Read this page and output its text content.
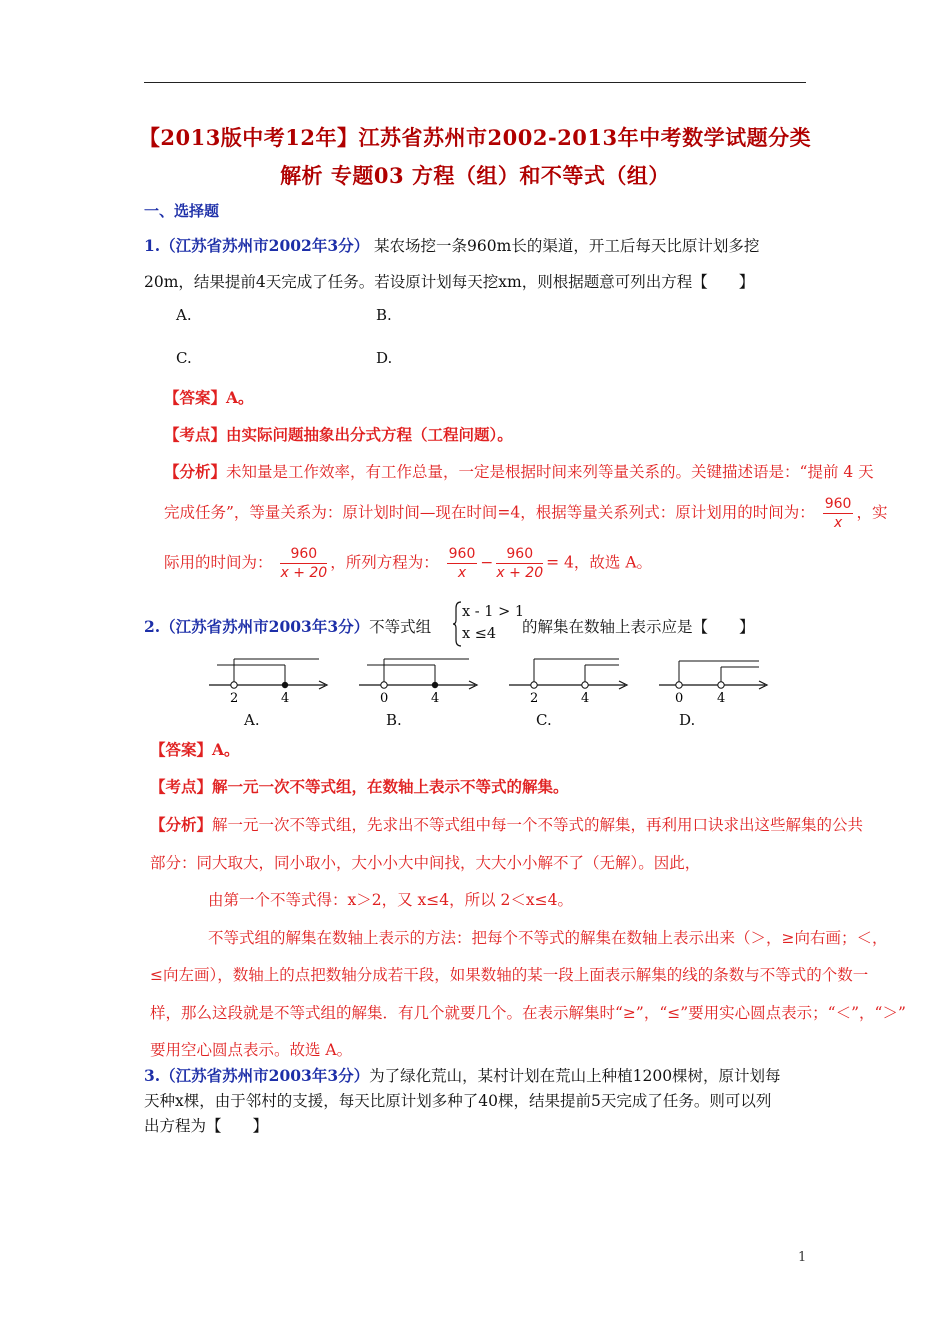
【2013版中考12年】江苏省苏州市2002-2013年中考数学试题分类
解析 专题03 方程（组）和不等式（组）
一、选择题
1.（江苏省苏州市2002年3分） 某农场挖一条960m长的渠道，开工后每天比原计划多挖
20m，结果提前4天完成了任务。若设原计划每天挖xm，则根据题意可列出方程【　　】
A.	B.
C.	D.
【答案】A。
【考点】由实际问题抽象出分式方程（工程问题）。
【分析】未知量是工作效率，有工作总量，一定是根据时间来列等量关系的。关键描述语是：“提前 4 天
完成任务”，等量关系为：原计划时间—现在时间=4，根据等量关系列式：原计划用的时间为： $\frac{960}{x}$ ，实
际用的时间为： $\frac{960}{x + 20}$ ，所列方程为： $\frac{960}{x} - \frac{960}{x + 20} = 4$，故选 A。
2.（江苏省苏州市2003年3分）不等式组
x - 1 > 1
x ≤4	的解集在数轴上表示应是【　　】
2	4	0	4	2	4	0	4
A.	B.	C.	D.
【答案】A。
【考点】解一元一次不等式组，在数轴上表示不等式的解集。
【分析】解一元一次不等式组，先求出不等式组中每一个不等式的解集，再利用口诀求出这些解集的公共
部分：同大取大，同小取小，大小小大中间找，大大小小解不了（无解）。因此，
由第一个不等式得：x＞2，又 x≤4，所以 2＜x≤4。
不等式组的解集在数轴上表示的方法：把每个不等式的解集在数轴上表示出来（＞，≥向右画；＜，
≤向左画），数轴上的点把数轴分成若干段，如果数轴的某一段上面表示解集的线的条数与不等式的个数一
样，那么这段就是不等式组的解集．有几个就要几个。在表示解集时“≥”，“≤”要用实心圆点表示；“＜”，“＞”
要用空心圆点表示。故选 A。
3.（江苏省苏州市2003年3分）为了绿化荒山，某村计划在荒山上种植1200棵树，原计划每
天种x棵，由于邻村的支援，每天比原计划多种了40棵，结果提前5天完成了任务。则可以列
出方程为【　　】
1
